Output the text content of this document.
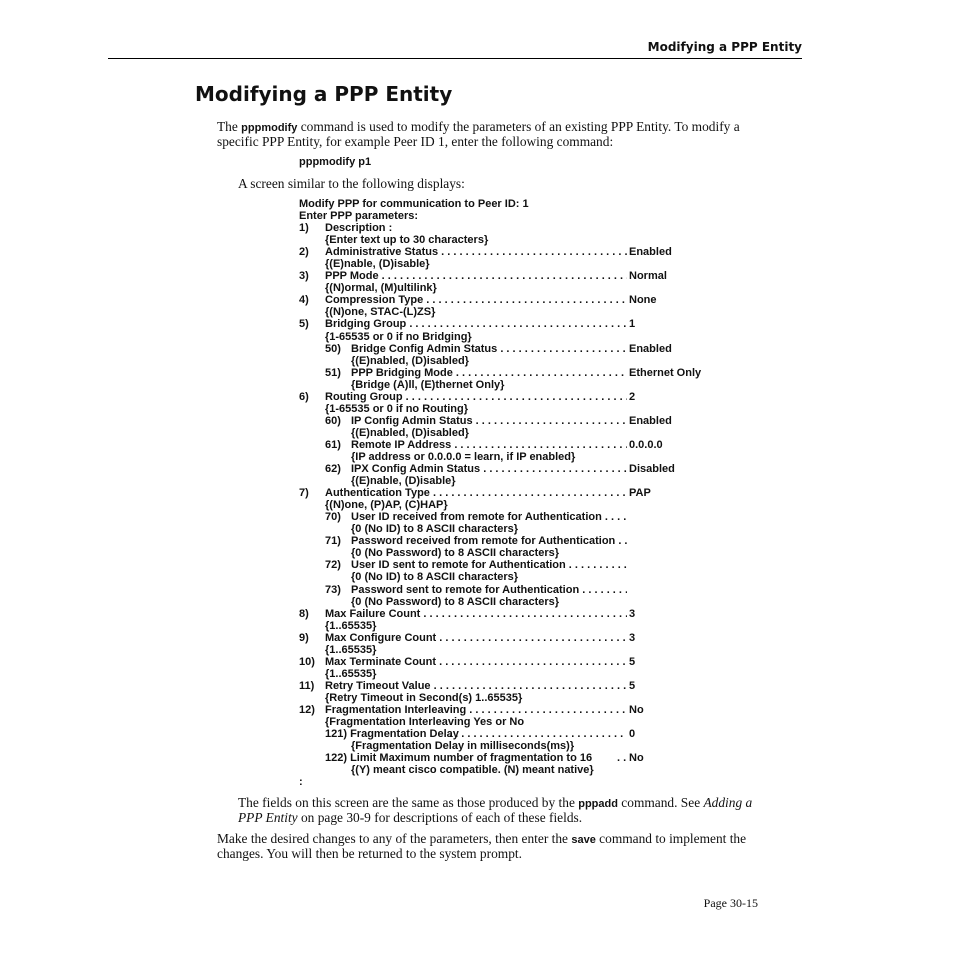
Modifying a PPP Entity
Modifying a PPP Entity

The pppmodify command is used to modify the parameters of an existing PPP Entity. To modify a specific PPP Entity, for example Peer ID 1, enter the following command:

pppmodify p1

A screen similar to the following displays:

Modify PPP for communication to Peer ID: 1
Enter PPP parameters:
1) Description :
{Enter text up to 30 characters}
2) Administrative Status . . .	Enabled
{(E)nable, (D)isable}
3) PPP Mode . . .	Normal
{(N)ormal, (M)ultilink}
4) Compression Type . . .	None
{(N)one, STAC-(L)ZS}
5) Bridging Group . . .	1
{1-65535 or 0 if no Bridging}
50) Bridge Config Admin Status . . .	Enabled
{(E)nabled, (D)isabled}
51) PPP Bridging Mode . . .	Ethernet Only
{Bridge (A)ll, (E)thernet Only}
6) Routing Group . . .	2
{1-65535 or 0 if no Routing}
60) IP Config Admin Status . . .	Enabled
{(E)nabled, (D)isabled}
61) Remote IP Address . . .	0.0.0.0
{IP address or 0.0.0.0 = learn, if IP enabled}
62) IPX Config Admin Status . . .	Disabled
{(E)nable, (D)isable}
7) Authentication Type . . .	PAP
{(N)one, (P)AP, (C)HAP}
70) User ID received from remote for Authentication . . .
{0 (No ID) to 8 ASCII characters}
71) Password received from remote for Authentication . . .
{0 (No Password) to 8 ASCII characters}
72) User ID sent to remote for Authentication . . .
{0 (No ID) to 8 ASCII characters}
73) Password sent to remote for Authentication . . .
{0 (No Password) to 8 ASCII characters}
8) Max Failure Count . . .	3
{1..65535}
9) Max Configure Count . . .	3
{1..65535}
10) Max Terminate Count . . .	5
{1..65535}
11) Retry Timeout Value . . .	5
{Retry Timeout in Second(s) 1..65535}
12) Fragmentation Interleaving . . .	No
{Fragmentation Interleaving Yes or No
121) Fragmentation Delay . . .	0
{Fragmentation Delay in milliseconds(ms)}
122) Limit Maximum number of fragmentation to 16 . . .	No
{(Y) meant cisco compatible. (N) meant native}
:

The fields on this screen are the same as those produced by the pppadd command. See Adding a PPP Entity on page 30-9 for descriptions of each of these fields.

Make the desired changes to any of the parameters, then enter the save command to implement the changes. You will then be returned to the system prompt.

Page 30-15
